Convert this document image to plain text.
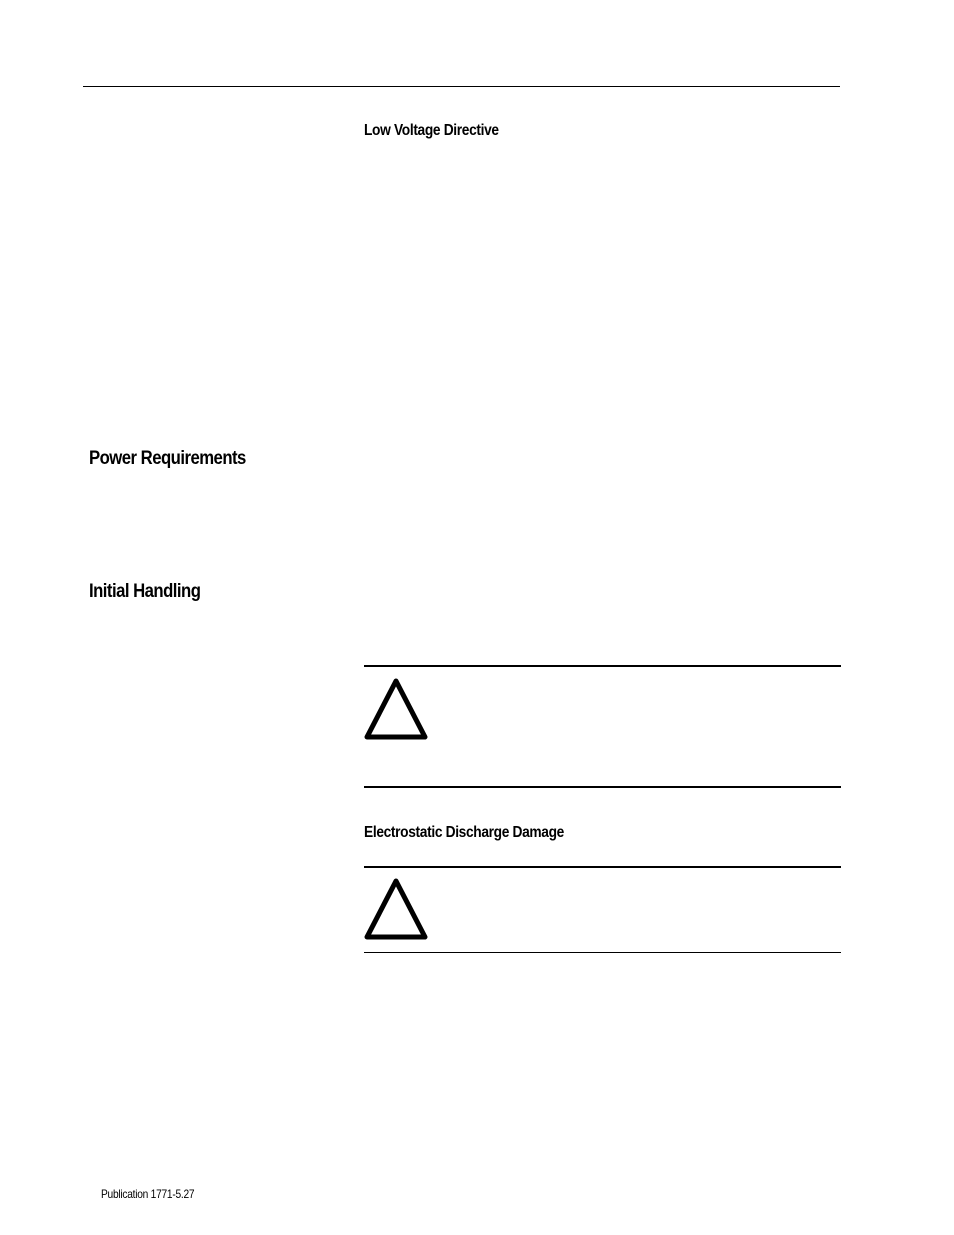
Low Voltage Directive
Power Requirements
Initial Handling
Electrostatic Discharge Damage
Publication 1771-5.27
